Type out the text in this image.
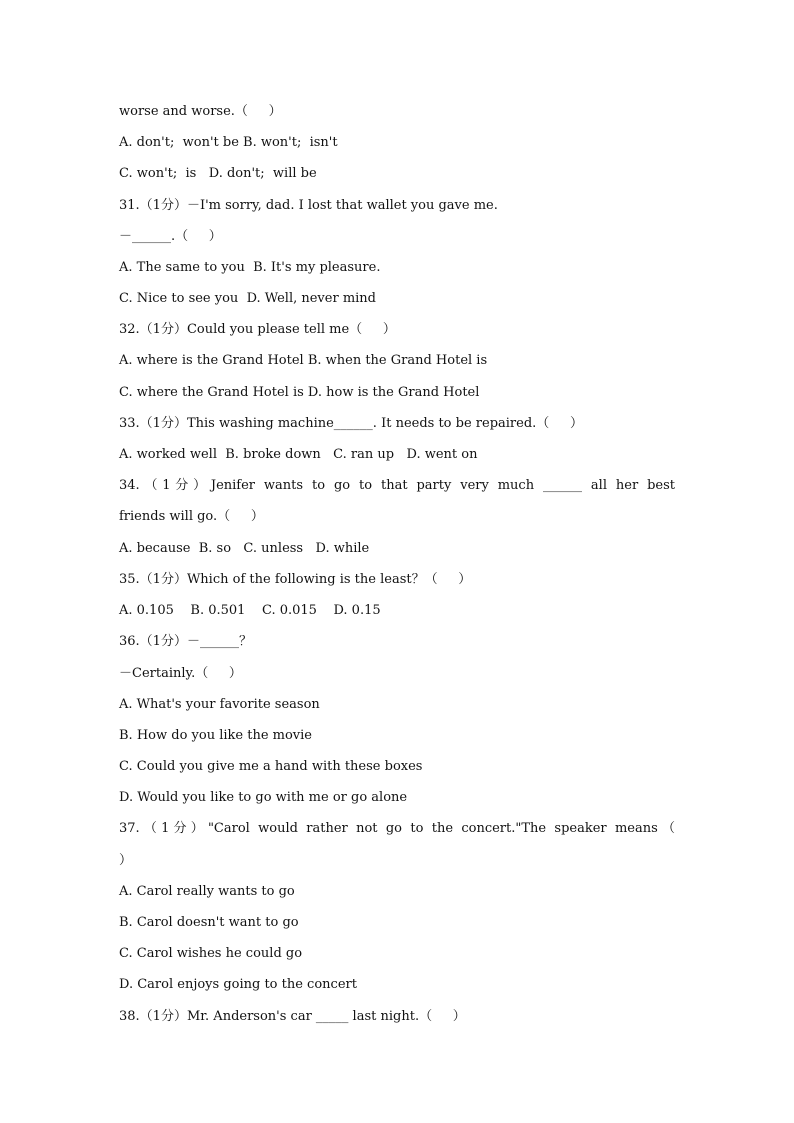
worse and worse.（     ）
A. don't;  won't be B. won't;  isn't
C. won't;  is   D. don't;  will be
31.（1分）－I'm sorry, dad. I lost that wallet you gave me.
－______.（     ）
A. The same to you  B. It's my pleasure.
C. Nice to see you  D. Well, never mind
32.（1分）Could you please tell me（     ）
A. where is the Grand Hotel B. when the Grand Hotel is
C. where the Grand Hotel is D. how is the Grand Hotel
33.（1分）This washing machine______. It needs to be repaired.（     ）
A. worked well  B. broke down   C. ran up   D. went on
34.（1分）Jenifer wants to go to that party very much ______ all her best
friends will go.（     ）
A. because  B. so   C. unless   D. while
35.（1分）Which of the following is the least？（     ）
A. 0.105    B. 0.501    C. 0.015    D. 0.15
36.（1分）－______？
－Certainly.（     ）
A. What's your favorite season
B. How do you like the movie
C. Could you give me a hand with these boxes
D. Would you like to go with me or go alone
37.（1分）"Carol would rather not go to the concert."The speaker means（
）
A. Carol really wants to go
B. Carol doesn't want to go
C. Carol wishes he could go
D. Carol enjoys going to the concert
38.（1分）Mr. Anderson's car _____ last night.（     ）
